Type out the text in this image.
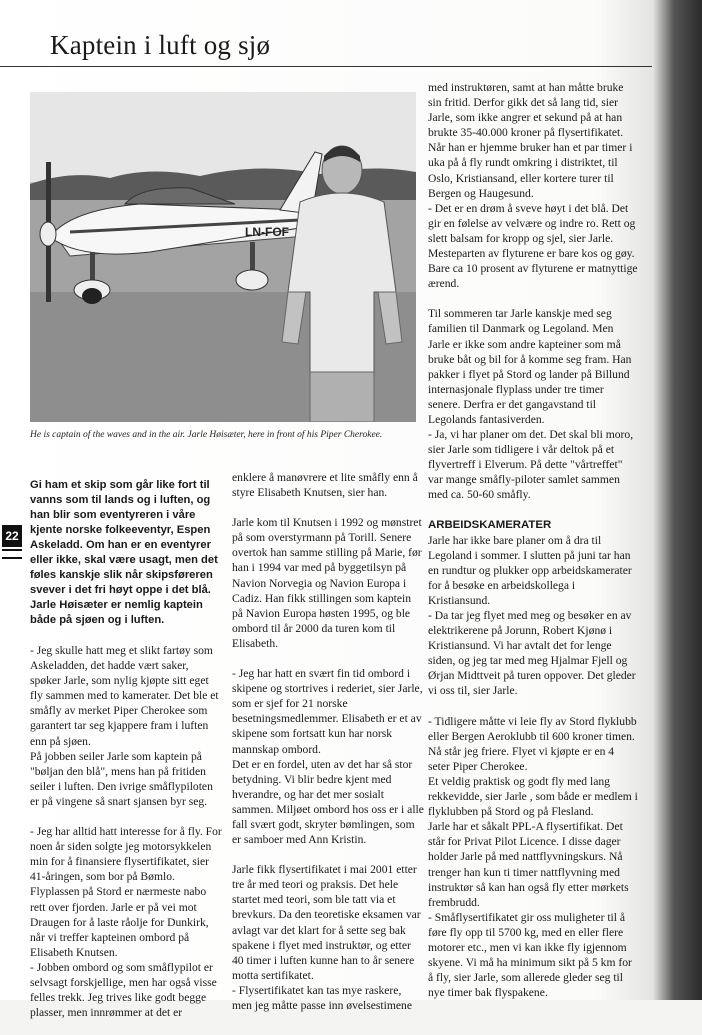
Kaptein i luft og sjø
LN-FOF
He is captain of the waves and in the air. Jarle Høisæter, here in front of his Piper Cherokee.
22

Gi ham et skip som går like fort til vanns som til lands og i luften, og han blir som eventyreren i våre kjente norske folkeeventyr, Espen Askeladd. Om han er en eventyrer eller ikke, skal være usagt, men det føles kanskje slik når skipsføreren svever i det fri høyt oppe i det blå. Jarle Høisæter er nemlig kaptein både på sjøen og i luften.

- Jeg skulle hatt meg et slikt fartøy som Askeladden, det hadde vært saker, spøker Jarle, som nylig kjøpte sitt eget fly sammen med to kamerater. Det ble et småfly av merket Piper Cherokee som garantert tar seg kjappere fram i luften enn på sjøen.

På jobben seiler Jarle som kaptein på "bøljan den blå", mens han på fritiden seiler i luften. Den ivrige småflypiloten er på vingene så snart sjansen byr seg.

- Jeg har alltid hatt interesse for å fly. For noen år siden solgte jeg motorsykkelen min for å finansiere flysertifikatet, sier 41-åringen, som bor på Bømlo. Flyplassen på Stord er nærmeste nabo rett over fjorden. Jarle er på vei mot Draugen for å laste råolje for Dunkirk, når vi treffer kapteinen ombord på Elisabeth Knutsen.

- Jobben ombord og som småflypilot er selvsagt forskjellige, men har også visse felles trekk. Jeg trives like godt begge plasser, men innrømmer at det er

enklere å manøvrere et lite småfly enn å styre Elisabeth Knutsen, sier han.

Jarle kom til Knutsen i 1992 og mønstret på som overstyrmann på Torill. Senere overtok han samme stilling på Marie, før han i 1994 var med på byggetilsyn på Navion Norvegia og Navion Europa i Cadiz. Han fikk stillingen som kaptein på Navion Europa høsten 1995, og ble ombord til år 2000 da turen kom til Elisabeth.

- Jeg har hatt en svært fin tid ombord i skipene og stortrives i rederiet, sier Jarle, som er sjef for 21 norske besetningsmedlemmer. Elisabeth er et av skipene som fortsatt kun har norsk mannskap ombord.

Det er en fordel, uten av det har så stor betydning. Vi blir bedre kjent med hverandre, og har det mer sosialt sammen. Miljøet ombord hos oss er i alle fall svært godt, skryter bømlingen, som er samboer med Ann Kristin.

Jarle fikk flysertifikatet i mai 2001 etter tre år med teori og praksis. Det hele startet med teori, som ble tatt via et brevkurs. Da den teoretiske eksamen var avlagt var det klart for å sette seg bak spakene i flyet med instruktør, og etter 40 timer i luften kunne han to år senere motta sertifikatet.

- Flysertifikatet kan tas mye raskere, men jeg måtte passe inn øvelsestimene

med instruktøren, samt at han måtte bruke sin fritid. Derfor gikk det så lang tid, sier Jarle, som ikke angrer et sekund på at han brukte 35-40.000 kroner på flysertifikatet. Når han er hjemme bruker han et par timer i uka på å fly rundt omkring i distriktet, til Oslo, Kristiansand, eller kortere turer til Bergen og Haugesund.

- Det er en drøm å sveve høyt i det blå. Det gir en følelse av velvære og indre ro. Rett og slett balsam for kropp og sjel, sier Jarle. Mesteparten av flyturene er bare kos og gøy. Bare ca 10 prosent av flyturene er matnyttige ærend.

Til sommeren tar Jarle kanskje med seg familien til Danmark og Legoland. Men Jarle er ikke som andre kapteiner som må bruke båt og bil for å komme seg fram. Han pakker i flyet på Stord og lander på Billund internasjonale flyplass under tre timer senere. Derfra er det gangavstand til Legolands fantasiverden.

- Ja, vi har planer om det. Det skal bli moro, sier Jarle som tidligere i vår deltok på et flyvertreff i Elverum. På dette "vårtreffet" var mange småfly-piloter samlet sammen med ca. 50-60 småfly.

ARBEIDSKAMERATER

Jarle har ikke bare planer om å dra til Legoland i sommer. I slutten på juni tar han en rundtur og plukker opp arbeidskamerater for å besøke en arbeidskollega i Kristiansund.

- Da tar jeg flyet med meg og besøker en av elektrikerene på Jorunn, Robert Kjønø i Kristiansund. Vi har avtalt det for lenge siden, og jeg tar med meg Hjalmar Fjell og Ørjan Midttveit på turen oppover. Det gleder vi oss til, sier Jarle.

- Tidligere måtte vi leie fly av Stord flyklubb eller Bergen Aeroklubb til 600 kroner timen. Nå står jeg friere. Flyet vi kjøpte er en 4 seter Piper Cherokee.

Et veldig praktisk og godt fly med lang rekkevidde, sier Jarle , som både er medlem i flyklubben på Stord og på Flesland.

Jarle har et såkalt PPL-A flysertifikat. Det står for Privat Pilot Licence. I disse dager holder Jarle på med nattflyvningskurs. Nå trenger han kun ti timer nattflyvning med instruktør så kan han også fly etter mørkets frembrudd.

- Småflysertifikatet gir oss muligheter til å føre fly opp til 5700 kg, med en eller flere motorer etc., men vi kan ikke fly igjennom skyene. Vi må ha minimum sikt på 5 km for å fly, sier Jarle, som allerede gleder seg til nye timer bak flyspakene.
